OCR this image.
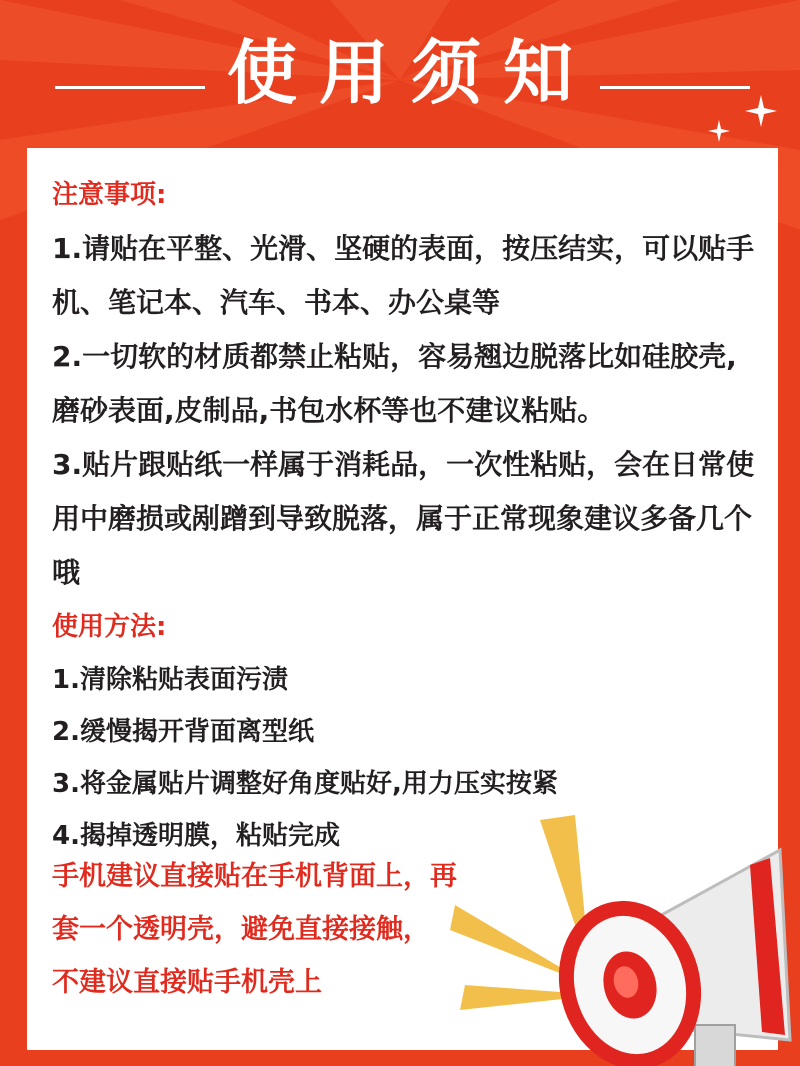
使用须知
注意事项:
1.请贴在平整、光滑、坚硬的表面，按压结实，可以贴手机、笔记本、汽车、书本、办公桌等
2.一切软的材质都禁止粘贴，容易翘边脱落比如硅胶壳,磨砂表面,皮制品,书包水杯等也不建议粘贴。
3.贴片跟贴纸一样属于消耗品，一次性粘贴，会在日常使用中磨损或剐蹭到导致脱落，属于正常现象建议多备几个哦
使用方法:
1.清除粘贴表面污渍
2.缓慢揭开背面离型纸
3.将金属贴片调整好角度贴好,用力压实按紧
4.揭掉透明膜，粘贴完成
手机建议直接贴在手机背面上，再
套一个透明壳，避免直接接触，
不建议直接贴手机壳上
